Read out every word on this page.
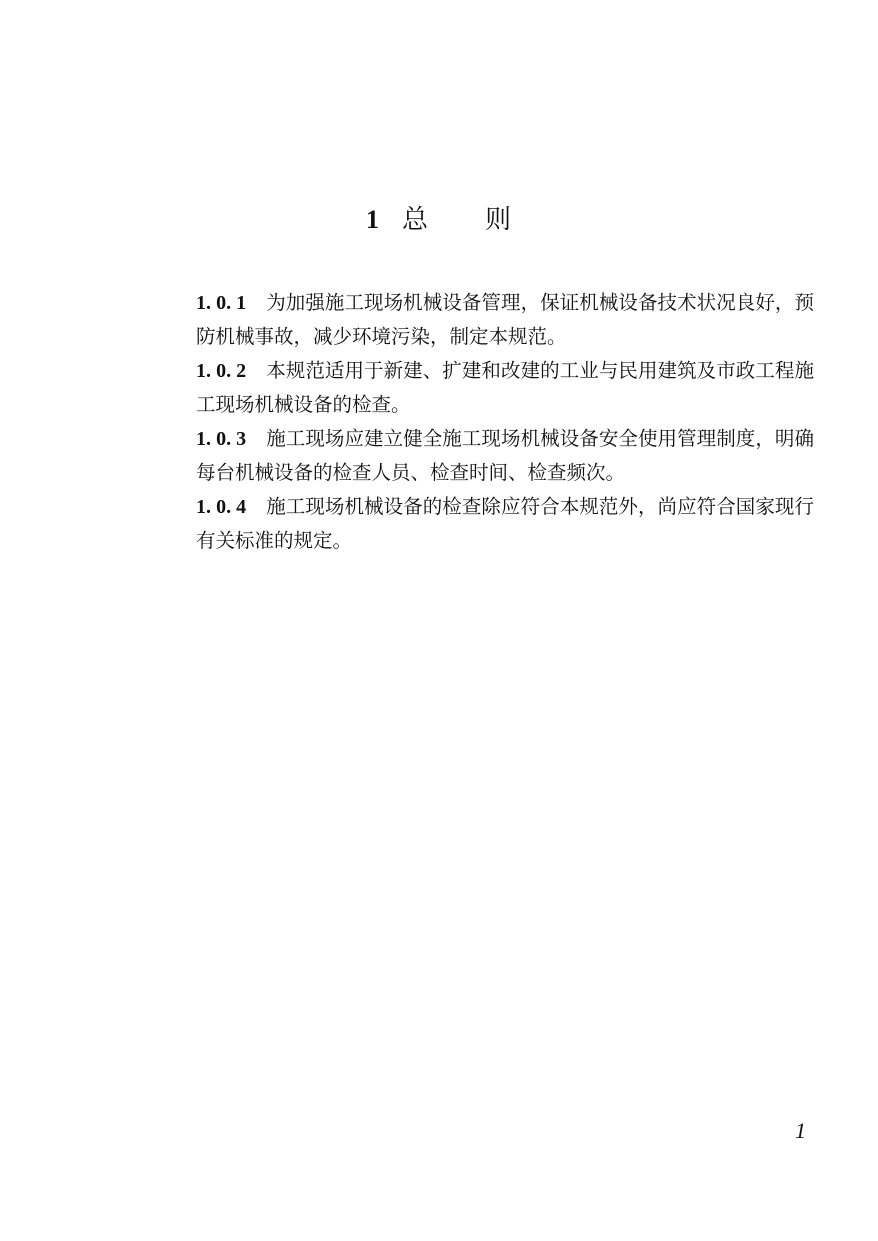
1 总 则

1. 0. 1 为加强施工现场机械设备管理，保证机械设备技术状况良好，预防机械事故，减少环境污染，制定本规范。

1. 0. 2 本规范适用于新建、扩建和改建的工业与民用建筑及市政工程施工现场机械设备的检查。

1. 0. 3 施工现场应建立健全施工现场机械设备安全使用管理制度，明确每台机械设备的检查人员、检查时间、检查频次。

1. 0. 4 施工现场机械设备的检查除应符合本规范外，尚应符合国家现行有关标准的规定。

1
